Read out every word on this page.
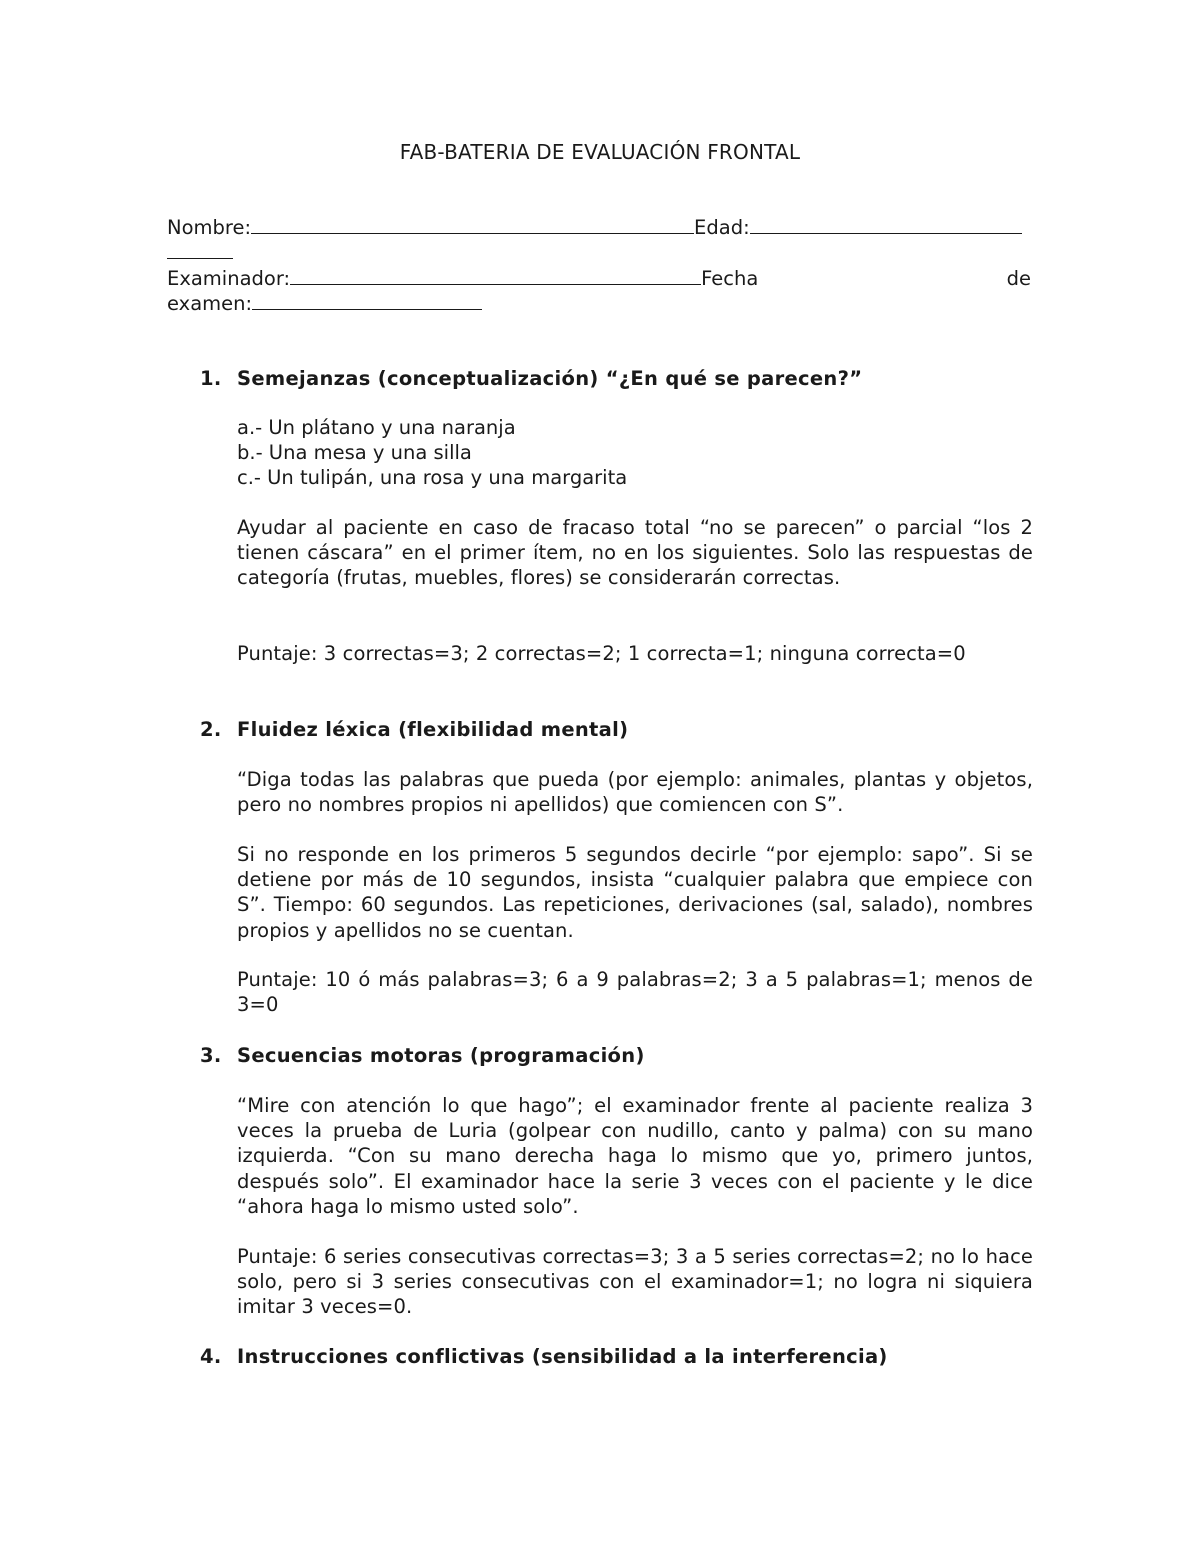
FAB-BATERIA DE EVALUACIÓN FRONTAL
Nombre:	Edad:
Examinador:	Fecha	de
examen:
1. Semejanzas (conceptualización) “¿En qué se parecen?”
a.- Un plátano y una naranja
b.- Una mesa y una silla
c.- Un tulipán, una rosa y una margarita

Ayudar al paciente en caso de fracaso total “no se parecen” o parcial “los 2 tienen cáscara” en el primer ítem, no en los siguientes. Solo las respuestas de categoría (frutas, muebles, flores) se considerarán correctas.

Puntaje: 3 correctas=3; 2 correctas=2; 1 correcta=1; ninguna correcta=0

2. Fluidez léxica (flexibilidad mental)

“Diga todas las palabras que pueda (por ejemplo: animales, plantas y objetos, pero no nombres propios ni apellidos) que comiencen con S”.

Si no responde en los primeros 5 segundos decirle “por ejemplo: sapo”. Si se detiene por más de 10 segundos, insista “cualquier palabra que empiece con S”. Tiempo: 60 segundos. Las repeticiones, derivaciones (sal, salado), nombres propios y apellidos no se cuentan.

Puntaje: 10 ó más palabras=3; 6 a 9 palabras=2; 3 a 5 palabras=1; menos de 3=0

3. Secuencias motoras (programación)

“Mire con atención lo que hago”; el examinador frente al paciente realiza 3 veces la prueba de Luria (golpear con nudillo, canto y palma) con su mano izquierda. “Con su mano derecha haga lo mismo que yo, primero juntos, después solo”. El examinador hace la serie 3 veces con el paciente y le dice “ahora haga lo mismo usted solo”.

Puntaje: 6 series consecutivas correctas=3; 3 a 5 series correctas=2; no lo hace solo, pero si 3 series consecutivas con el examinador=1; no logra ni siquiera imitar 3 veces=0.

4. Instrucciones conflictivas (sensibilidad a la interferencia)
